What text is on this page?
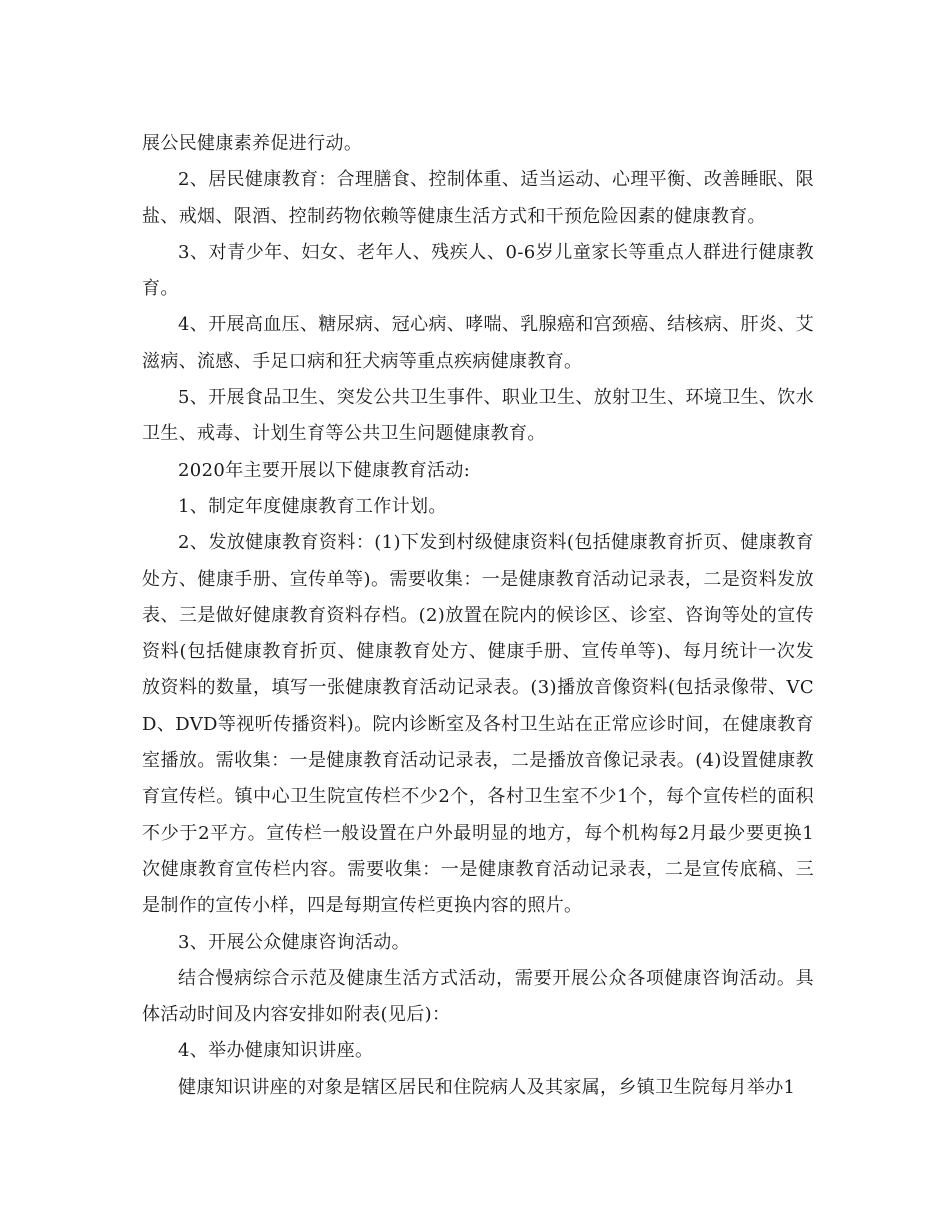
展公民健康素养促进行动。

2、居民健康教育：合理膳食、控制体重、适当运动、心理平衡、改善睡眠、限盐、戒烟、限酒、控制药物依赖等健康生活方式和干预危险因素的健康教育。

3、对青少年、妇女、老年人、残疾人、0-6岁儿童家长等重点人群进行健康教育。

4、开展高血压、糖尿病、冠心病、哮喘、乳腺癌和宫颈癌、结核病、肝炎、艾滋病、流感、手足口病和狂犬病等重点疾病健康教育。

5、开展食品卫生、突发公共卫生事件、职业卫生、放射卫生、环境卫生、饮水卫生、戒毒、计划生育等公共卫生问题健康教育。

2020年主要开展以下健康教育活动:

1、制定年度健康教育工作计划。

2、发放健康教育资料：(1)下发到村级健康资料(包括健康教育折页、健康教育处方、健康手册、宣传单等)。需要收集：一是健康教育活动记录表，二是资料发放表、三是做好健康教育资料存档。(2)放置在院内的候诊区、诊室、咨询等处的宣传资料(包括健康教育折页、健康教育处方、健康手册、宣传单等)、每月统计一次发放资料的数量，填写一张健康教育活动记录表。(3)播放音像资料(包括录像带、VCD、DVD等视听传播资料)。院内诊断室及各村卫生站在正常应诊时间，在健康教育室播放。需收集：一是健康教育活动记录表，二是播放音像记录表。(4)设置健康教育宣传栏。镇中心卫生院宣传栏不少2个，各村卫生室不少1个，每个宣传栏的面积不少于2平方。宣传栏一般设置在户外最明显的地方，每个机构每2月最少要更换1次健康教育宣传栏内容。需要收集：一是健康教育活动记录表，二是宣传底稿、三是制作的宣传小样，四是每期宣传栏更换内容的照片。

3、开展公众健康咨询活动。

结合慢病综合示范及健康生活方式活动，需要开展公众各项健康咨询活动。具体活动时间及内容安排如附表(见后)：

4、举办健康知识讲座。

健康知识讲座的对象是辖区居民和住院病人及其家属，乡镇卫生院每月举办1
